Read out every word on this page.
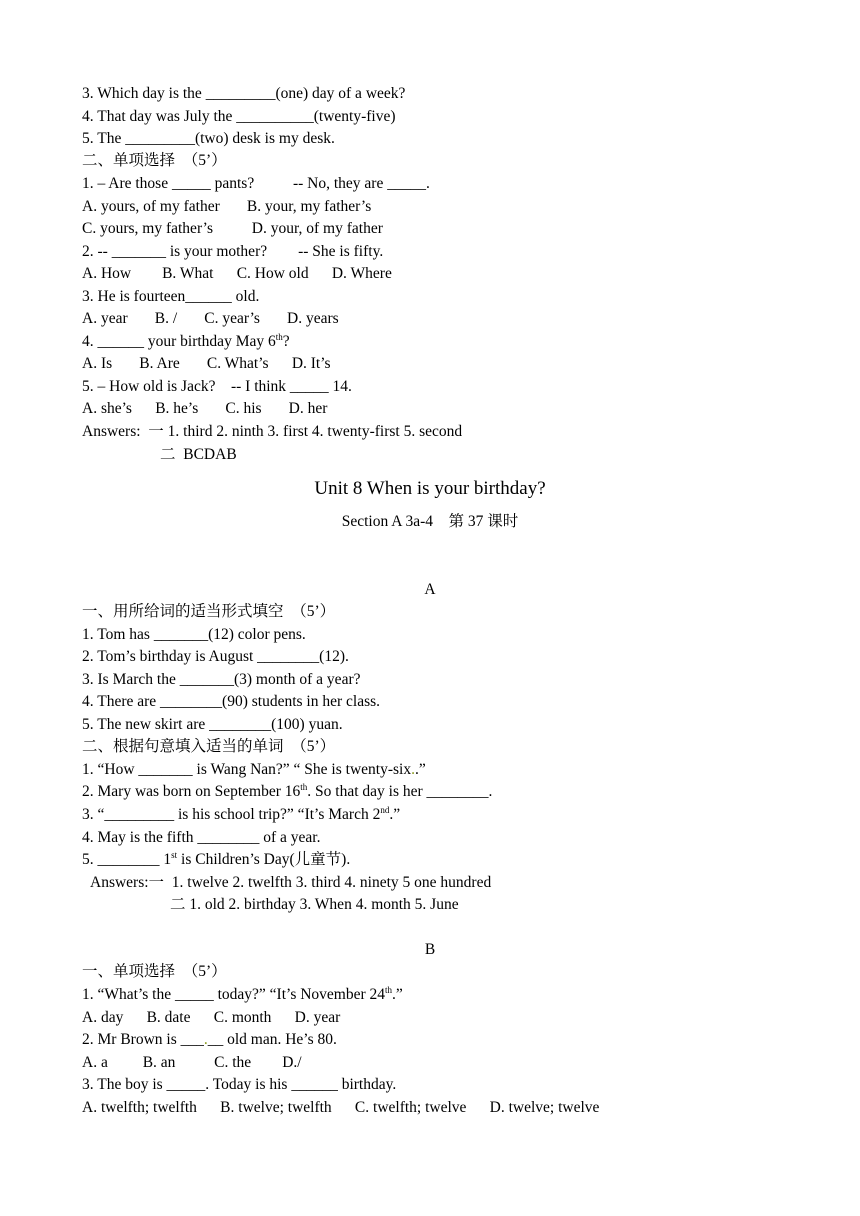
3. Which day is the _________(one) day of a week?
4. That day was July the __________(twenty-five)
5. The _________(two) desk is my desk.
二、单项选择　（5’）
1. – Are those _____ pants?          -- No, they are _____.
A. yours, of my father       B. your, my father’s
C. yours, my father’s          D. your, of my father
2. -- _______ is your mother?        -- She is fifty.
A. How        B. What      C. How old      D. Where
3. He is fourteen______ old.
A. year       B. /       C. year’s       D. years
4. ______ your birthday May 6th?
A. Is       B. Are       C. What’s      D. It’s
5. – How old is Jack?    -- I think _____ 14.
A. she’s      B. he’s       C. his       D. her
Answers:  一 1. third 2. ninth 3. first 4. twenty-first 5. second
二  BCDAB
Unit 8 When is your birthday?
Section A 3a-4　第 37 课时
A
一、用所给词的适当形式填空　（5’）
1. Tom has _______(12) color pens.
2. Tom’s birthday is August ________(12).
3. Is March the _______(3) month of a year?
4. There are ________(90) students in her class.
5. The new skirt are ________(100) yuan.
二、根据句意填入适当的单词　（5’）
1. “How _______ is Wang Nan?” “ She is twenty-six..”
2. Mary was born on September 16th. So that day is her ________.
3. “_________ is his school trip?” “It’s March 2nd.”
4. May is the fifth ________ of a year.
5. ________ 1st is Children’s Day(儿童节).
Answers:一  1. twelve 2. twelfth 3. third 4. ninety 5 one hundred
二 1. old 2. birthday 3. When 4. month 5. June
B
一、单项选择　（5’）
1. “What’s the _____ today?” “It’s November 24th.”
A. day      B. date      C. month      D. year
2. Mr Brown is ___.__ old man. He’s 80.
A. a         B. an          C. the        D./
3. The boy is _____. Today is his ______ birthday.
A. twelfth; twelfth      B. twelve; twelfth      C. twelfth; twelve      D. twelve; twelve
